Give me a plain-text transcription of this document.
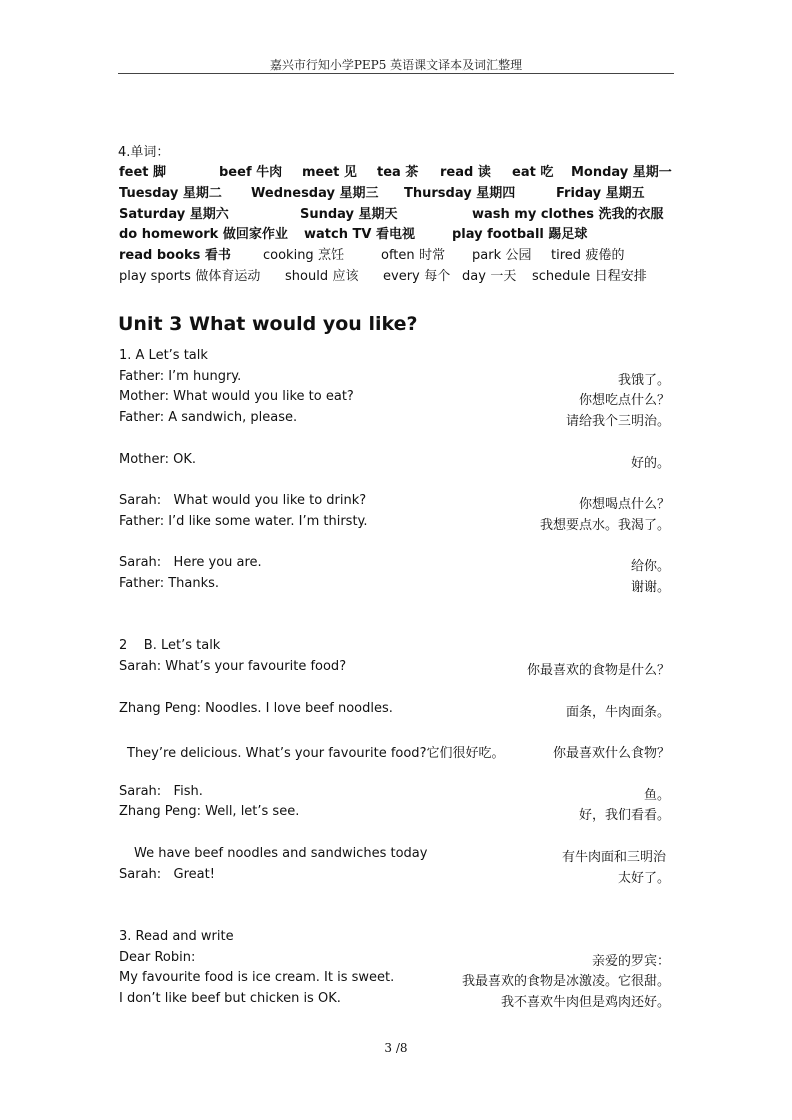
嘉兴市行知小学PEP5 英语课文译本及词汇整理
4.单词：
feet 脚	beef 牛肉 meet 见 tea 茶 read 读 eat 吃 Monday 星期一
Tuesday 星期二 Wednesday 星期三 Thursday 星期四	Friday 星期五
Saturday 星期六	Sunday 星期天	wash my clothes 洗我的衣服
do homework 做回家作业 watch TV 看电视	play football 踢足球
read books 看书 cooking 烹饪	often 时常 park 公园 tired 疲倦的
play sports 做体育运动 should 应该 every 每个 day 一天 schedule 日程安排
Unit 3 What would you like?
1. A Let’s talk
Father: I’m hungry.	我饿了。
Mother: What would you like to eat?	你想吃点什么？
Father: A sandwich, please.	请给我个三明治。
Mother: OK.	好的。
Sarah:   What would you like to drink?	你想喝点什么？
Father: I’d like some water. I’m thirsty.	我想要点水。我渴了。
Sarah:   Here you are.	给你。
Father: Thanks.	谢谢。
2    B. Let’s talk
Sarah: What’s your favourite food?	你最喜欢的食物是什么？
Zhang Peng: Noodles. I love beef noodles.	面条，牛肉面条。
They’re delicious. What’s your favourite food?它们很好吃。	你最喜欢什么食物？
Sarah:   Fish.	鱼。
Zhang Peng: Well, let’s see.	好，我们看看。
We have beef noodles and sandwiches today	有牛肉面和三明治
Sarah:   Great!	太好了。
3. Read and write
Dear Robin:	亲爱的罗宾：
My favourite food is ice cream. It is sweet.	我最喜欢的食物是冰激凌。它很甜。
I don’t like beef but chicken is OK.	我不喜欢牛肉但是鸡肉还好。
3 /8
